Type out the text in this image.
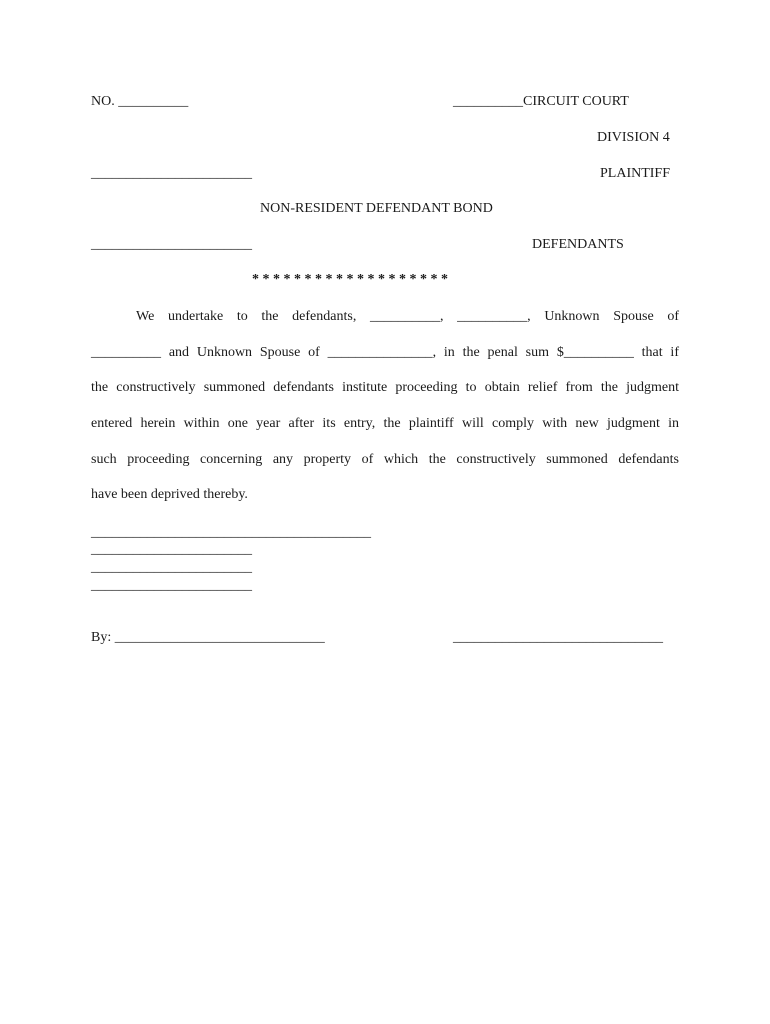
NO. __________	__________CIRCUIT COURT
DIVISION 4
_______________________	PLAINTIFF
NON-RESIDENT DEFENDANT BOND
_______________________	DEFENDANTS
* * * * * * * * * * * * * * * * * * *
We undertake to the defendants, __________, __________, Unknown Spouse of
__________ and Unknown Spouse of _______________, in the penal sum $__________ that if
the constructively summoned defendants institute proceeding to obtain relief from the judgment
entered herein within one year after its entry, the plaintiff will comply with new judgment in
such proceeding concerning any property of which the constructively summoned defendants
have been deprived thereby.
________________________________________
_______________________
_______________________
_______________________
By: ______________________________	______________________________
